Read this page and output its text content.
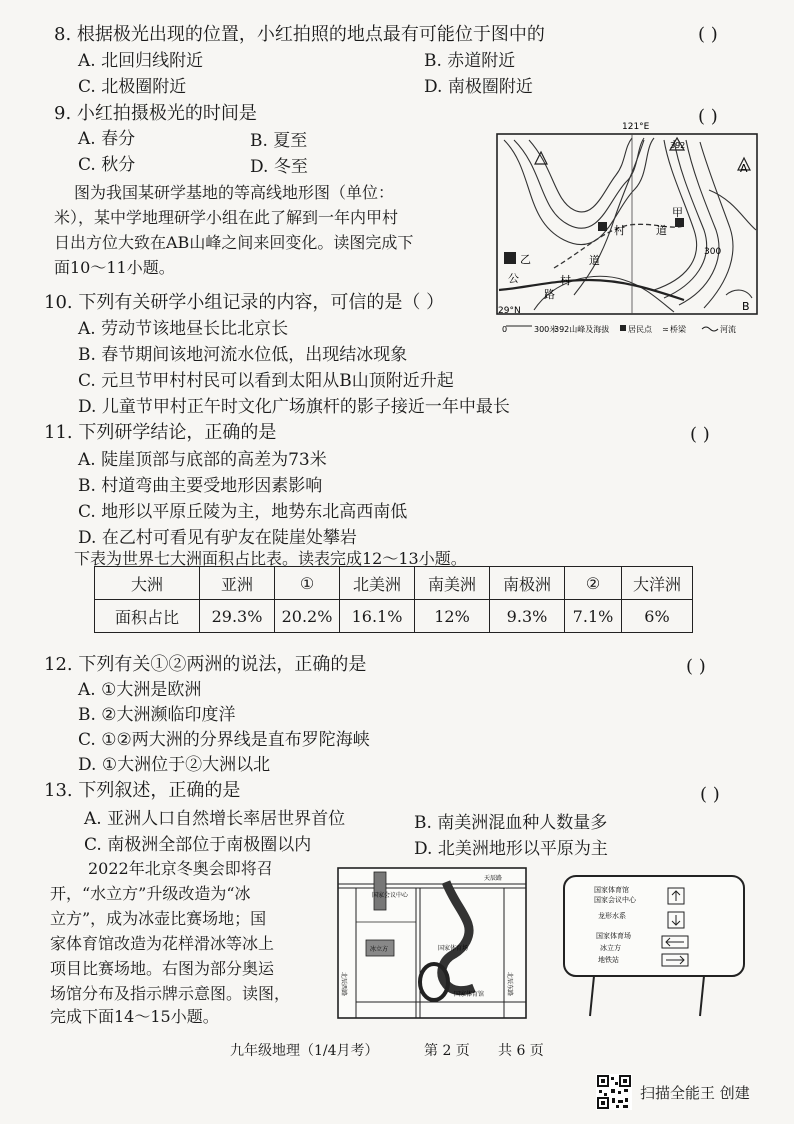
8. 根据极光出现的位置，小红拍照的地点最有可能位于图中的	( )
A. 北回归线附近	B. 赤道附近
C. 北极圈附近	D. 南极圈附近
9. 小红拍摄极光的时间是	( )
A. 春分	B. 夏至
C. 秋分	D. 冬至
图为我国某研学基地的等高线地形图（单位：
米），某中学地理研学小组在此了解到一年内甲村
日出方位大致在AB山峰之间来回变化。读图完成下
面10～11小题。
121°E
29°N
392
A
B
甲
乙
村	道
道
村
公
路
300
0	300米
392山峰及海拔 居民点 ≍ 桥梁	河流
10. 下列有关研学小组记录的内容，可信的是（ ）
A. 劳动节该地昼长比北京长
B. 春节期间该地河流水位低，出现结冰现象
C. 元旦节甲村村民可以看到太阳从B山顶附近升起
D. 儿童节甲村正午时文化广场旗杆的影子接近一年中最长
11. 下列研学结论，正确的是	( )
A. 陡崖顶部与底部的高差为73米
B. 村道弯曲主要受地形因素影响
C. 地形以平原丘陵为主，地势东北高西南低
D. 在乙村可看见有驴友在陡崖处攀岩
下表为世界七大洲面积占比表。读表完成12～13小题。
大洲	亚洲	①	北美洲	南美洲	南极洲	②	大洋洲
面积占比	29.3%	20.2%	16.1%	12%	9.3%	7.1%	6%
12. 下列有关①②两洲的说法，正确的是	( )
A. ①大洲是欧洲
B. ②大洲濒临印度洋
C. ①②两大洲的分界线是直布罗陀海峡
D. ①大洲位于②大洲以北
13. 下列叙述，正确的是	( )
A. 亚洲人口自然增长率居世界首位	B. 南美洲混血种人数量多
C. 南极洲全部位于南极圈以内	D. 北美洲地形以平原为主
2022年北京冬奥会即将召
开，“水立方”升级改造为“冰
立方”，成为冰壶比赛场地；国
家体育馆改造为花样滑冰等冰上
项目比赛场地。右图为部分奥运
场馆分布及指示牌示意图。读图，
完成下面14～15小题。
天辰路
北辰西路	北辰东路
国家会议中心
冰立方	国家体育场
国家体育馆
国家体育馆
国家会议中心
龙形水系
国家体育场
冰立方
地铁站
九年级地理（1/4月考）	第 2 页 共 6 页
扫描全能王 创建
